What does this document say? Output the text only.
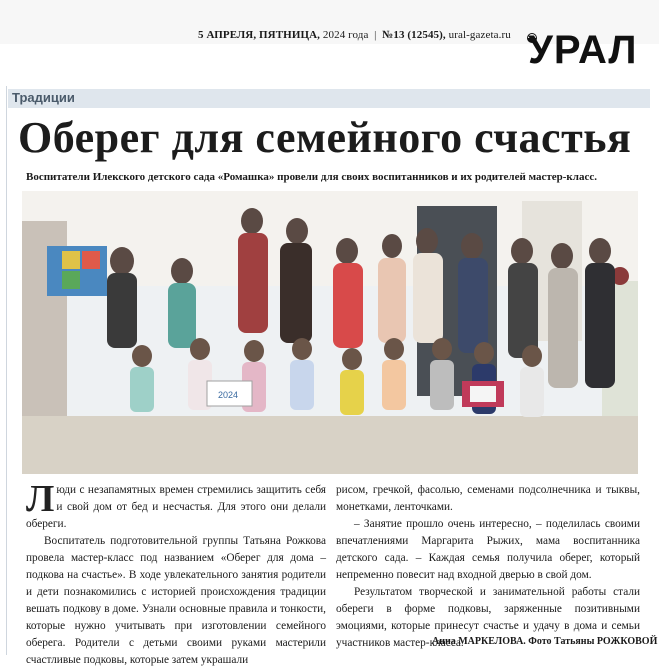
5 АПРЕЛЯ, ПЯТНИЦА, 2024 года  |  №13 (12545), ural-gazeta.ru УРАЛ
Традиции
Оберег для семейного счастья
Воспитатели Илекского детского сада «Ромашка» провели для своих воспитанников и их родителей мастер-класс.
2024

Люди с незапамятных времен стремились защитить себя и свой дом от бед и несчастья. Для этого они делали обереги.

Воспитатель подготовительной группы Татьяна Рожкова провела мастер-класс под названием «Оберег для дома – подкова на счастье». В ходе увлекательного занятия родители и дети познакомились с историей происхождения традиции вешать подкову в доме. Узнали основные правила и тонкости, которые нужно учитывать при изготовлении семейного оберега. Родители с детьми своими руками мастерили счастливые подковы, которые затем украшали

рисом, гречкой, фасолью, семенами подсолнечника и тыквы, монетками, ленточками.

– Занятие прошло очень интересно, – поделилась своими впечатлениями Маргарита Рыжих, мама воспитанника детского сада. – Каждая семья получила оберег, который непременно повесит над входной дверью в свой дом.

Результатом творческой и занимательной работы стали обереги в форме подковы, заряженные позитивными эмоциями, которые принесут счастье и удачу в дома и семьи участников мастер-класса.

Анна МАРКЕЛОВА. Фото Татьяны РОЖКОВОЙ
